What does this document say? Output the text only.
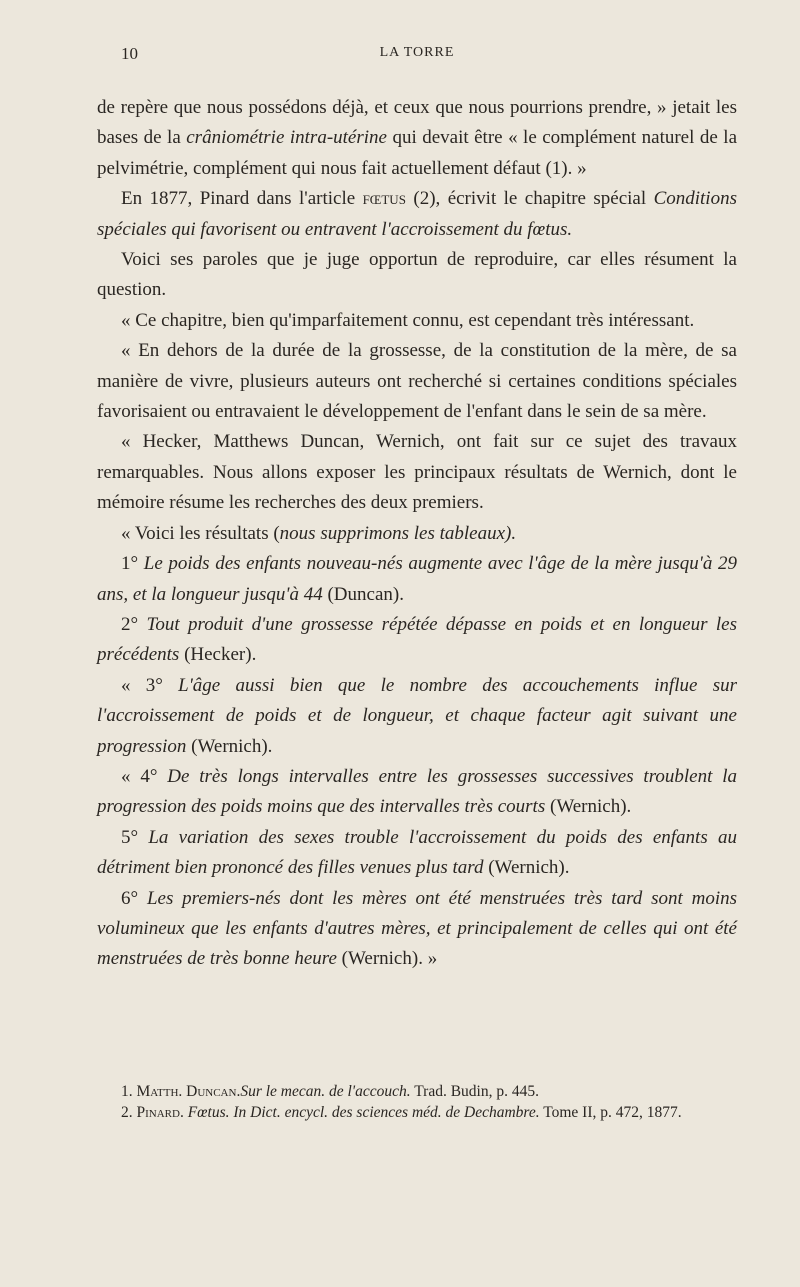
10	LA TORRE

de repère que nous possédons déjà, et ceux que nous pourrions prendre, » jetait les bases de la crâniométrie intra-utérine qui devait être « le complément naturel de la pelvimétrie, complément qui nous fait actuellement défaut (1). »

En 1877, Pinard dans l'article fœtus (2), écrivit le chapitre spécial Conditions spéciales qui favorisent ou entravent l'accroissement du fœtus.

Voici ses paroles que je juge opportun de reproduire, car elles résument la question.

« Ce chapitre, bien qu'imparfaitement connu, est cependant très intéressant.

« En dehors de la durée de la grossesse, de la constitution de la mère, de sa manière de vivre, plusieurs auteurs ont recherché si certaines conditions spéciales favorisaient ou entravaient le développement de l'enfant dans le sein de sa mère.

« Hecker, Matthews Duncan, Wernich, ont fait sur ce sujet des travaux remarquables. Nous allons exposer les principaux résultats de Wernich, dont le mémoire résume les recherches des deux premiers.

« Voici les résultats (nous supprimons les tableaux).

1° Le poids des enfants nouveau-nés augmente avec l'âge de la mère jusqu'à 29 ans, et la longueur jusqu'à 44 (Duncan).

2° Tout produit d'une grossesse répétée dépasse en poids et en longueur les précédents (Hecker).

« 3° L'âge aussi bien que le nombre des accouchements influe sur l'accroissement de poids et de longueur, et chaque facteur agit suivant une progression (Wernich).

« 4° De très longs intervalles entre les grossesses successives troublent la progression des poids moins que des intervalles très courts (Wernich).

5° La variation des sexes trouble l'accroissement du poids des enfants au détriment bien prononcé des filles venues plus tard (Wernich).

6° Les premiers-nés dont les mères ont été menstruées très tard sont moins volumineux que les enfants d'autres mères, et principalement de celles qui ont été menstruées de très bonne heure (Wernich). »

1. Matth. Duncan.Sur le mecan. de l'accouch. Trad. Budin, p. 445.

2. Pinard. Fœtus. In Dict. encycl. des sciences méd. de Dechambre. Tome II, p. 472, 1877.
